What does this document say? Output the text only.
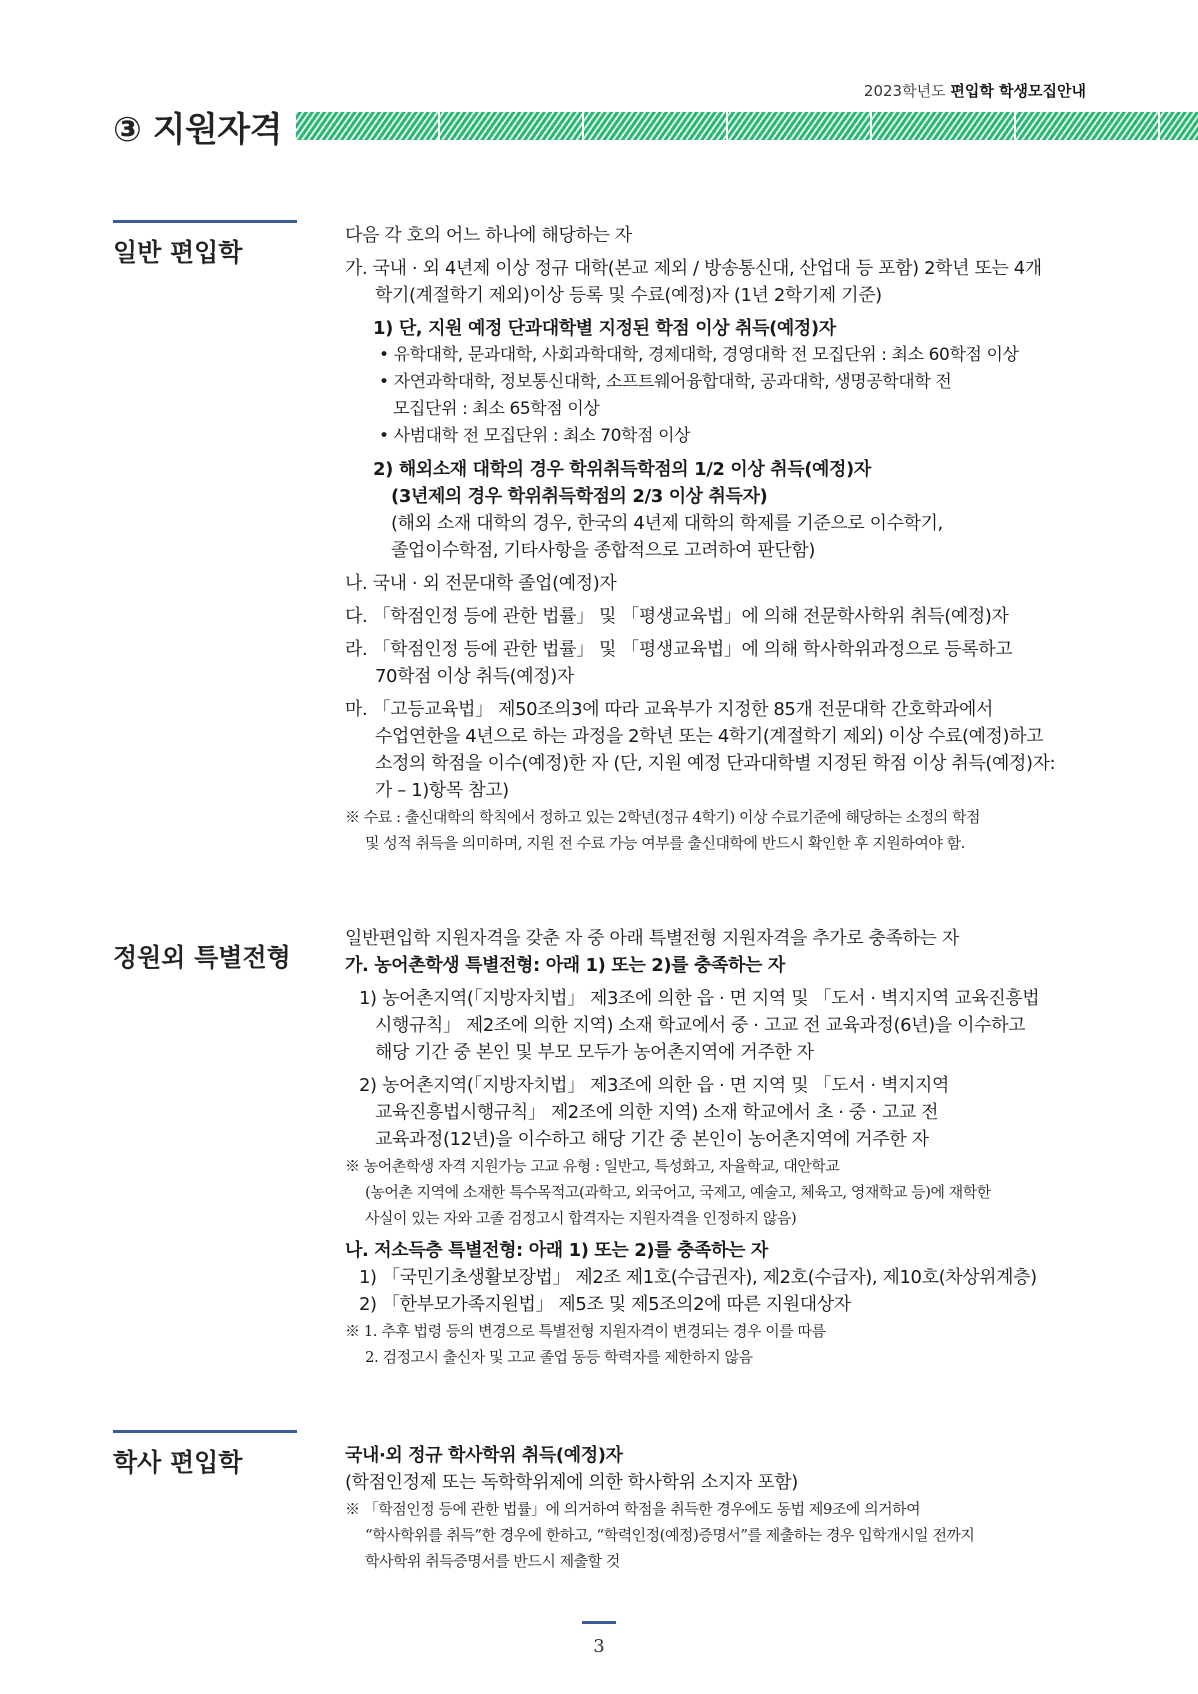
2023학년도 편입학 학생모집안내
③ 지원자격
일반 편입학
다음 각 호의 어느 하나에 해당하는 자
가. 국내 · 외 4년제 이상 정규 대학(본교 제외 / 방송통신대, 산업대 등 포함) 2학년 또는 4개
학기(계절학기 제외)이상 등록 및 수료(예정)자 (1년 2학기제 기준)
1) 단, 지원 예정 단과대학별 지정된 학점 이상 취득(예정)자
• 유학대학, 문과대학, 사회과학대학, 경제대학, 경영대학 전 모집단위 : 최소 60학점 이상
• 자연과학대학, 정보통신대학, 소프트웨어융합대학, 공과대학, 생명공학대학 전
모집단위 : 최소 65학점 이상
• 사범대학 전 모집단위 : 최소 70학점 이상
2) 해외소재 대학의 경우 학위취득학점의 1/2 이상 취득(예정)자
(3년제의 경우 학위취득학점의 2/3 이상 취득자)
(해외 소재 대학의 경우, 한국의 4년제 대학의 학제를 기준으로 이수학기,
졸업이수학점, 기타사항을 종합적으로 고려하여 판단함)
나. 국내 · 외 전문대학 졸업(예정)자
다. 「학점인정 등에 관한 법률」 및 「평생교육법」에 의해 전문학사학위 취득(예정)자
라. 「학점인정 등에 관한 법률」 및 「평생교육법」에 의해 학사학위과정으로 등록하고
70학점 이상 취득(예정)자
마. 「고등교육법」 제50조의3에 따라 교육부가 지정한 85개 전문대학 간호학과에서
수업연한을 4년으로 하는 과정을 2학년 또는 4학기(계절학기 제외) 이상 수료(예정)하고
소정의 학점을 이수(예정)한 자 (단, 지원 예정 단과대학별 지정된 학점 이상 취득(예정)자:
가 – 1)항목 참고)
※ 수료 : 출신대학의 학칙에서 정하고 있는 2학년(정규 4학기) 이상 수료기준에 해당하는 소정의 학점
및 성적 취득을 의미하며, 지원 전 수료 가능 여부를 출신대학에 반드시 확인한 후 지원하여야 함.
정원외 특별전형
일반편입학 지원자격을 갖춘 자 중 아래 특별전형 지원자격을 추가로 충족하는 자
가. 농어촌학생 특별전형: 아래 1) 또는 2)를 충족하는 자
1) 농어촌지역(「지방자치법」 제3조에 의한 읍 · 면 지역 및 「도서 · 벽지지역 교육진흥법
시행규칙」 제2조에 의한 지역) 소재 학교에서 중 · 고교 전 교육과정(6년)을 이수하고
해당 기간 중 본인 및 부모 모두가 농어촌지역에 거주한 자
2) 농어촌지역(「지방자치법」 제3조에 의한 읍 · 면 지역 및 「도서 · 벽지지역
교육진흥법시행규칙」 제2조에 의한 지역) 소재 학교에서 초 · 중 · 고교 전
교육과정(12년)을 이수하고 해당 기간 중 본인이 농어촌지역에 거주한 자
※ 농어촌학생 자격 지원가능 고교 유형 : 일반고, 특성화고, 자율학교, 대안학교
(농어촌 지역에 소재한 특수목적고(과학고, 외국어고, 국제고, 예술고, 체육고, 영재학교 등)에 재학한
사실이 있는 자와 고졸 검정고시 합격자는 지원자격을 인정하지 않음)
나. 저소득층 특별전형: 아래 1) 또는 2)를 충족하는 자
1) 「국민기초생활보장법」 제2조 제1호(수급권자), 제2호(수급자), 제10호(차상위계층)
2) 「한부모가족지원법」 제5조 및 제5조의2에 따른 지원대상자
※ 1. 추후 법령 등의 변경으로 특별전형 지원자격이 변경되는 경우 이를 따름
2. 검정고시 출신자 및 고교 졸업 동등 학력자를 제한하지 않음
학사 편입학	국내·외 정규 학사학위 취득(예정)자
(학점인정제 또는 독학학위제에 의한 학사학위 소지자 포함)
※ 「학점인정 등에 관한 법률」에 의거하여 학점을 취득한 경우에도 동법 제9조에 의거하여
“학사학위를 취득”한 경우에 한하고, “학력인정(예정)증명서”를 제출하는 경우 입학개시일 전까지
학사학위 취득증명서를 반드시 제출할 것
3
